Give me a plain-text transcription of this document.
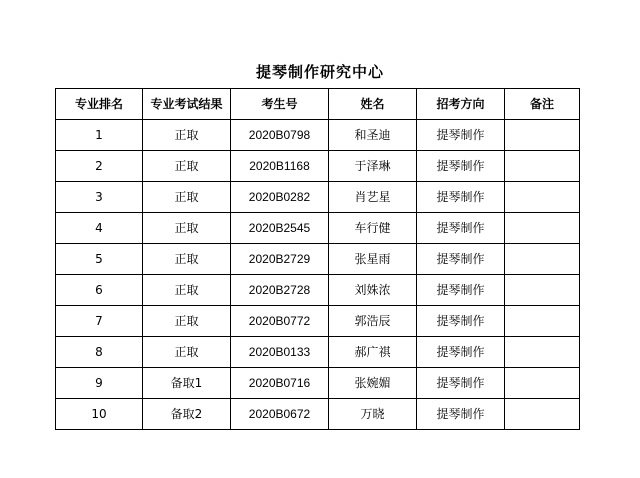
提琴制作研究中心
专业排名	专业考试结果	考生号	姓名	招考方向	备注
1	正取	2020B0798	和圣迪	提琴制作	
2	正取	2020B1168	于泽琳	提琴制作	
3	正取	2020B0282	肖艺星	提琴制作	
4	正取	2020B2545	车行健	提琴制作	
5	正取	2020B2729	张星雨	提琴制作	
6	正取	2020B2728	刘姝浓	提琴制作	
7	正取	2020B0772	郭浩辰	提琴制作	
8	正取	2020B0133	郝广祺	提琴制作	
9	备取1	2020B0716	张婉媚	提琴制作	
10	备取2	2020B0672	万晓	提琴制作	
